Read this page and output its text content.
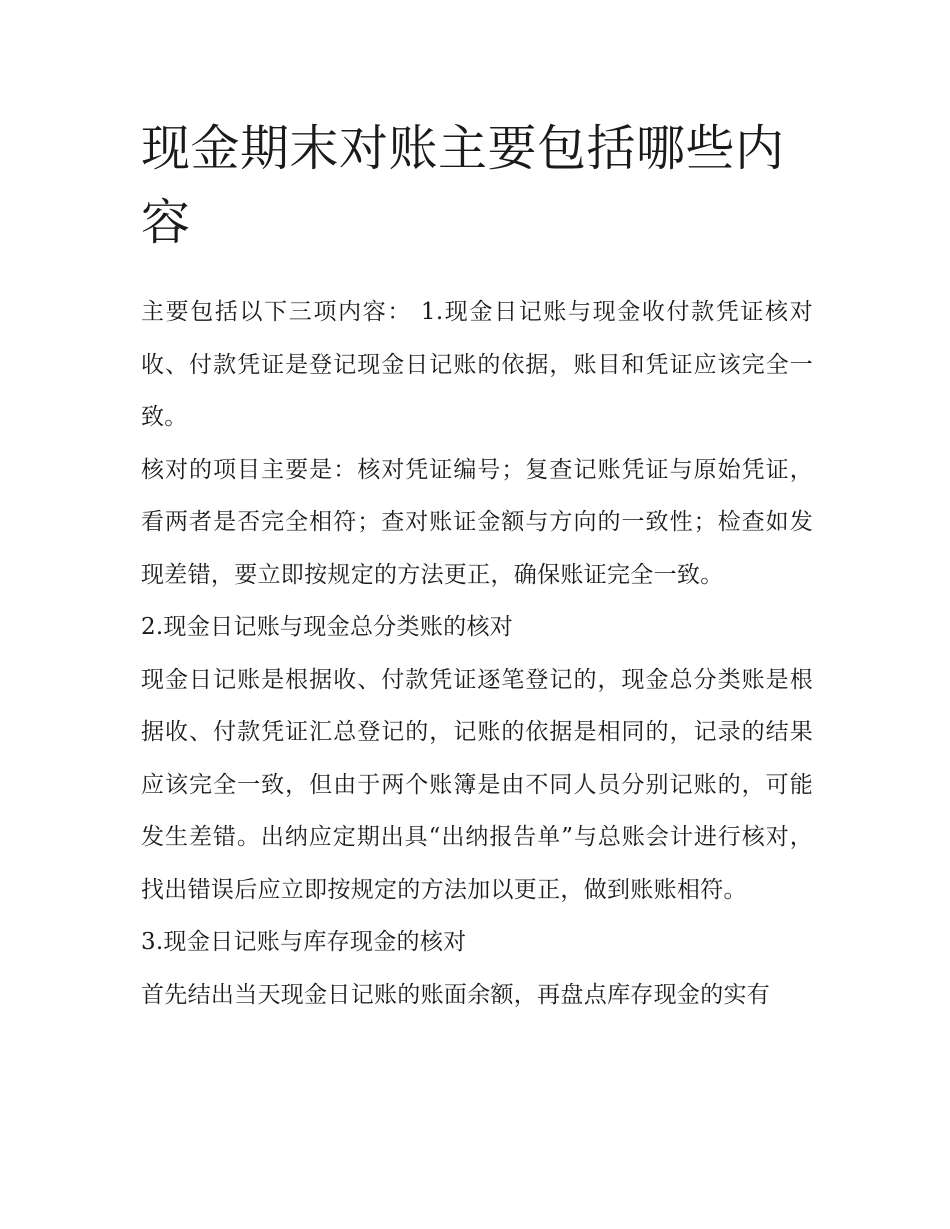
现金期末对账主要包括哪些内容

主要包括以下三项内容： 1.现金日记账与现金收付款凭证核对收、付款凭证是登记现金日记账的依据，账目和凭证应该完全一致。

核对的项目主要是：核对凭证编号；复查记账凭证与原始凭证，看两者是否完全相符；查对账证金额与方向的一致性；检查如发现差错，要立即按规定的方法更正，确保账证完全一致。

2.现金日记账与现金总分类账的核对

现金日记账是根据收、付款凭证逐笔登记的，现金总分类账是根据收、付款凭证汇总登记的，记账的依据是相同的，记录的结果应该完全一致，但由于两个账簿是由不同人员分别记账的，可能发生差错。出纳应定期出具“出纳报告单”与总账会计进行核对，找出错误后应立即按规定的方法加以更正，做到账账相符。

3.现金日记账与库存现金的核对

首先结出当天现金日记账的账面余额，再盘点库存现金的实有
